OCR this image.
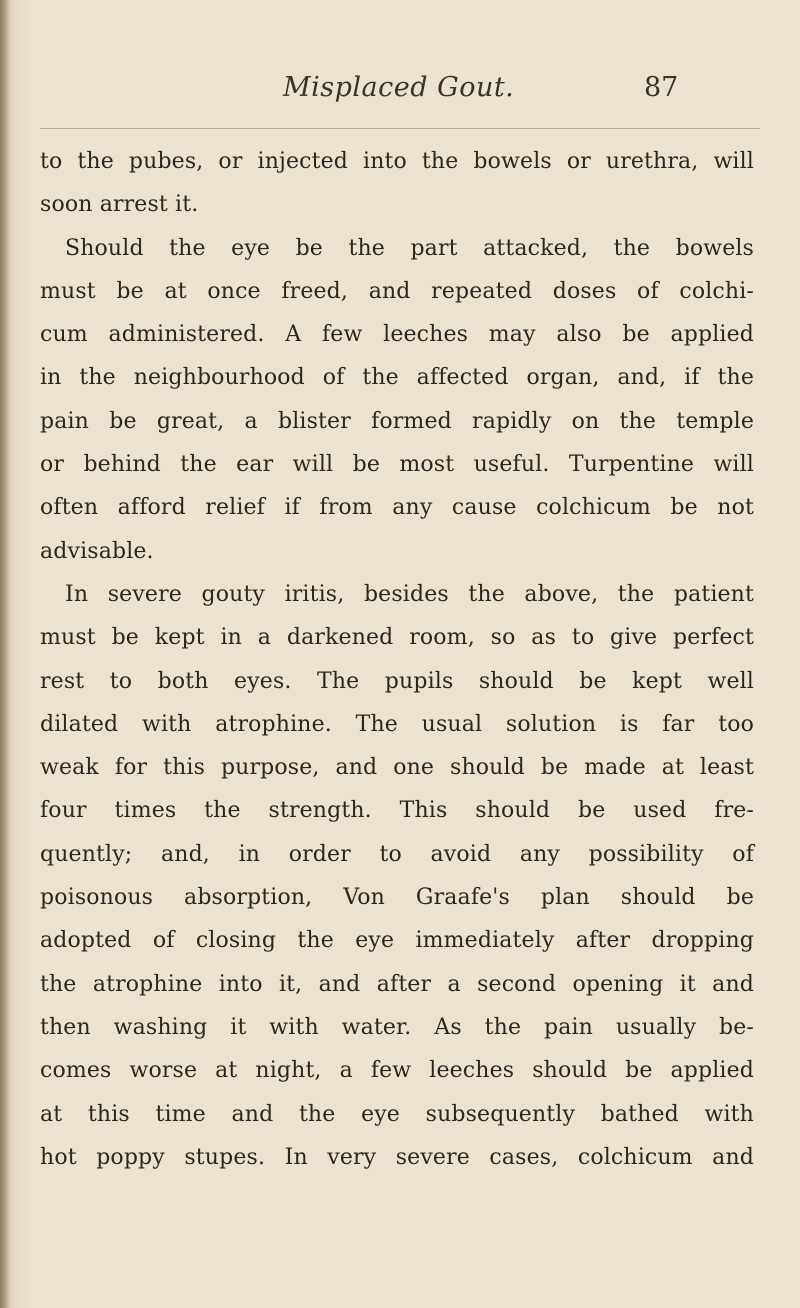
Misplaced Gout.	87
to the pubes, or injected into the bowels or urethra, will
soon arrest it.
Should the eye be the part attacked, the bowels
must be at once freed, and repeated doses of colchi-
cum administered. A few leeches may also be applied
in the neighbourhood of the affected organ, and, if the
pain be great, a blister formed rapidly on the temple
or behind the ear will be most useful. Turpentine will
often afford relief if from any cause colchicum be not
advisable.
In severe gouty iritis, besides the above, the patient
must be kept in a darkened room, so as to give perfect
rest to both eyes. The pupils should be kept well
dilated with atrophine. The usual solution is far too
weak for this purpose, and one should be made at least
four times the strength. This should be used fre-
quently; and, in order to avoid any possibility of
poisonous absorption, Von Graafe's plan should be
adopted of closing the eye immediately after dropping
the atrophine into it, and after a second opening it and
then washing it with water. As the pain usually be-
comes worse at night, a few leeches should be applied
at this time and the eye subsequently bathed with
hot poppy stupes. In very severe cases, colchicum and
